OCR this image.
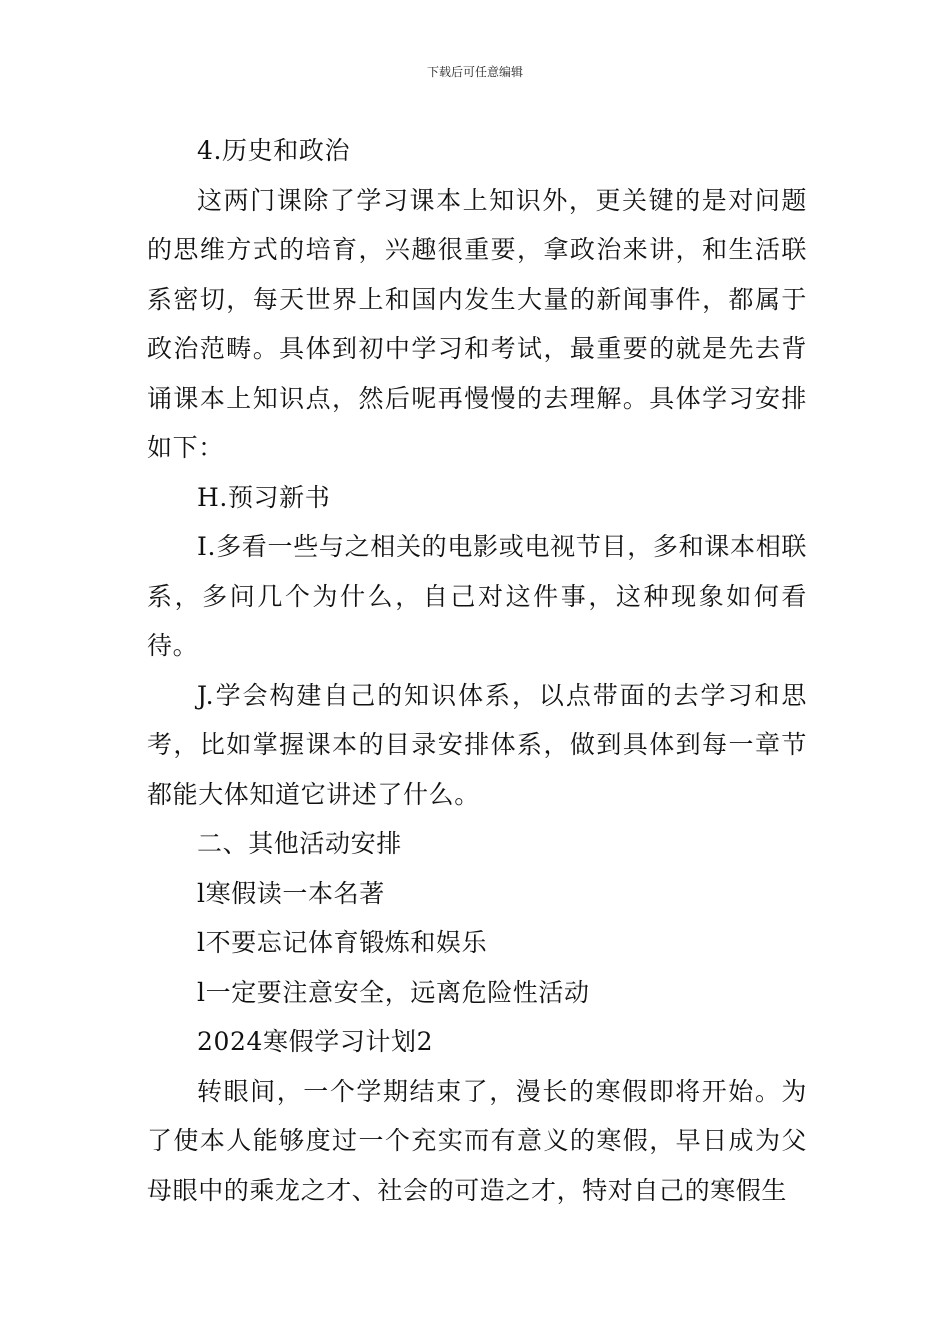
下载后可任意编辑

4.历史和政治

这两门课除了学习课本上知识外，更关键的是对问题的思维方式的培育，兴趣很重要，拿政治来讲，和生活联系密切，每天世界上和国内发生大量的新闻事件，都属于政治范畴。具体到初中学习和考试，最重要的就是先去背诵课本上知识点，然后呢再慢慢的去理解。具体学习安排如下：

H.预习新书

I.多看一些与之相关的电影或电视节目，多和课本相联系，多问几个为什么，自己对这件事，这种现象如何看待。

J.学会构建自己的知识体系，以点带面的去学习和思考，比如掌握课本的目录安排体系，做到具体到每一章节都能大体知道它讲述了什么。

二、其他活动安排

l寒假读一本名著

l不要忘记体育锻炼和娱乐

l一定要注意安全，远离危险性活动

2024寒假学习计划2

转眼间，一个学期结束了，漫长的寒假即将开始。为了使本人能够度过一个充实而有意义的寒假，早日成为父母眼中的乘龙之才、社会的可造之才，特对自己的寒假生
